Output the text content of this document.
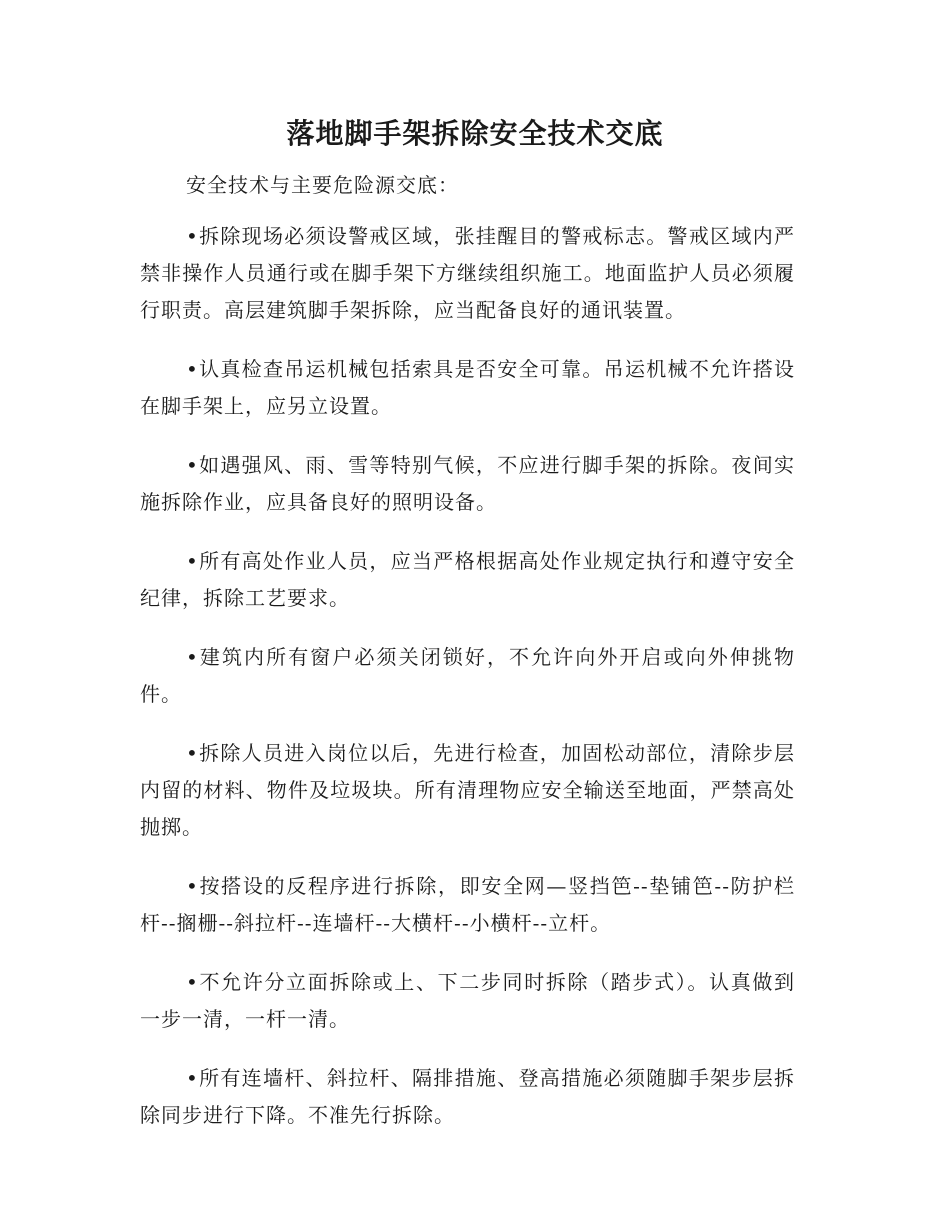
落地脚手架拆除安全技术交底
安全技术与主要危险源交底：

•拆除现场必须设警戒区域，张挂醒目的警戒标志。警戒区域内严禁非操作人员通行或在脚手架下方继续组织施工。地面监护人员必须履行职责。高层建筑脚手架拆除，应当配备良好的通讯装置。

•认真检查吊运机械包括索具是否安全可靠。吊运机械不允许搭设在脚手架上，应另立设置。

•如遇强风、雨、雪等特别气候，不应进行脚手架的拆除。夜间实施拆除作业，应具备良好的照明设备。

•所有高处作业人员，应当严格根据高处作业规定执行和遵守安全纪律，拆除工艺要求。

•建筑内所有窗户必须关闭锁好，不允许向外开启或向外伸挑物件。

•拆除人员进入岗位以后，先进行检查，加固松动部位，清除步层内留的材料、物件及垃圾块。所有清理物应安全输送至地面，严禁高处抛掷。

•按搭设的反程序进行拆除，即安全网—竖挡笆--垫铺笆--防护栏杆--搁栅--斜拉杆--连墙杆--大横杆--小横杆--立杆。

•不允许分立面拆除或上、下二步同时拆除（踏步式）。认真做到一步一清，一杆一清。

•所有连墙杆、斜拉杆、隔排措施、登高措施必须随脚手架步层拆除同步进行下降。不准先行拆除。
